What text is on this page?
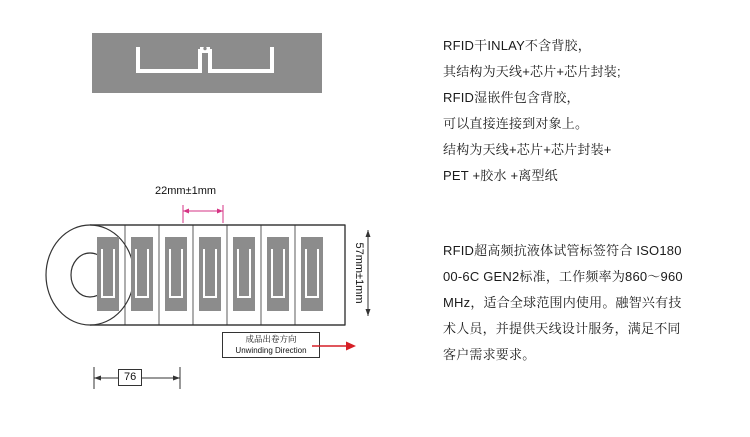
22mm±1mm
57mm±1mm
76
成品出卷方向
Unwinding Direction

RFID干INLAY不含背胶，

其结构为天线+芯片+芯片封装;

RFID湿嵌件包含背胶，

可以直接连接到对象上。

结构为天线+芯片+芯片封装+

PET +胶水 +离型纸

RFID超高频抗液体试管标签符合 ISO180

00-6C GEN2标准，工作频率为860～960

MHz，适合全球范围内使用。融智兴有技

术人员，并提供天线设计服务，满足不同

客户需求要求。
